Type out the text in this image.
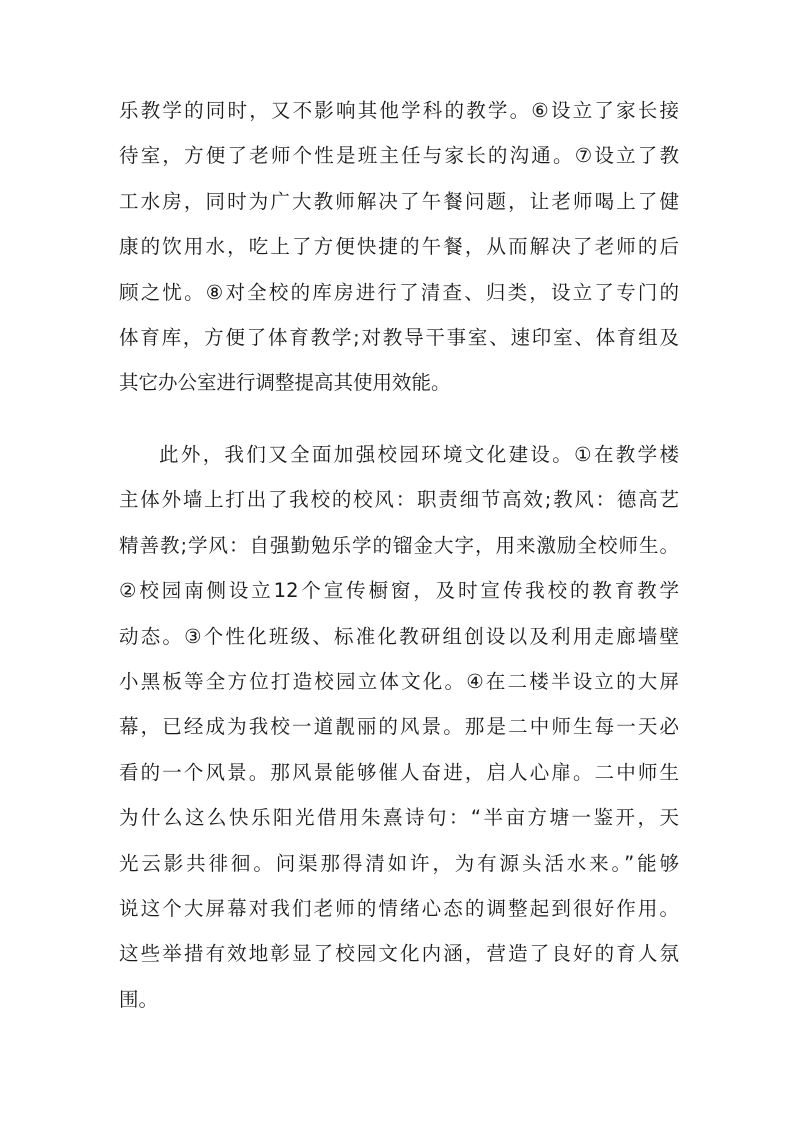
乐教学的同时，又不影响其他学科的教学。⑥设立了家长接
待室，方便了老师个性是班主任与家长的沟通。⑦设立了教
工水房，同时为广大教师解决了午餐问题，让老师喝上了健
康的饮用水，吃上了方便快捷的午餐，从而解决了老师的后
顾之忧。⑧对全校的库房进行了清查、归类，设立了专门的
体育库，方便了体育教学;对教导干事室、速印室、体育组及
其它办公室进行调整提高其使用效能。
此外，我们又全面加强校园环境文化建设。①在教学楼
主体外墙上打出了我校的校风：职责细节高效;教风：德高艺
精善教;学风：自强勤勉乐学的镏金大字，用来激励全校师生。
②校园南侧设立12个宣传橱窗，及时宣传我校的教育教学
动态。③个性化班级、标准化教研组创设以及利用走廊墙壁
小黑板等全方位打造校园立体文化。④在二楼半设立的大屏
幕，已经成为我校一道靓丽的风景。那是二中师生每一天必
看的一个风景。那风景能够催人奋进，启人心扉。二中师生
为什么这么快乐阳光借用朱熹诗句：“半亩方塘一鉴开，天
光云影共徘徊。问渠那得清如许，为有源头活水来。”能够
说这个大屏幕对我们老师的情绪心态的调整起到很好作用。
这些举措有效地彰显了校园文化内涵，营造了良好的育人氛
围。
